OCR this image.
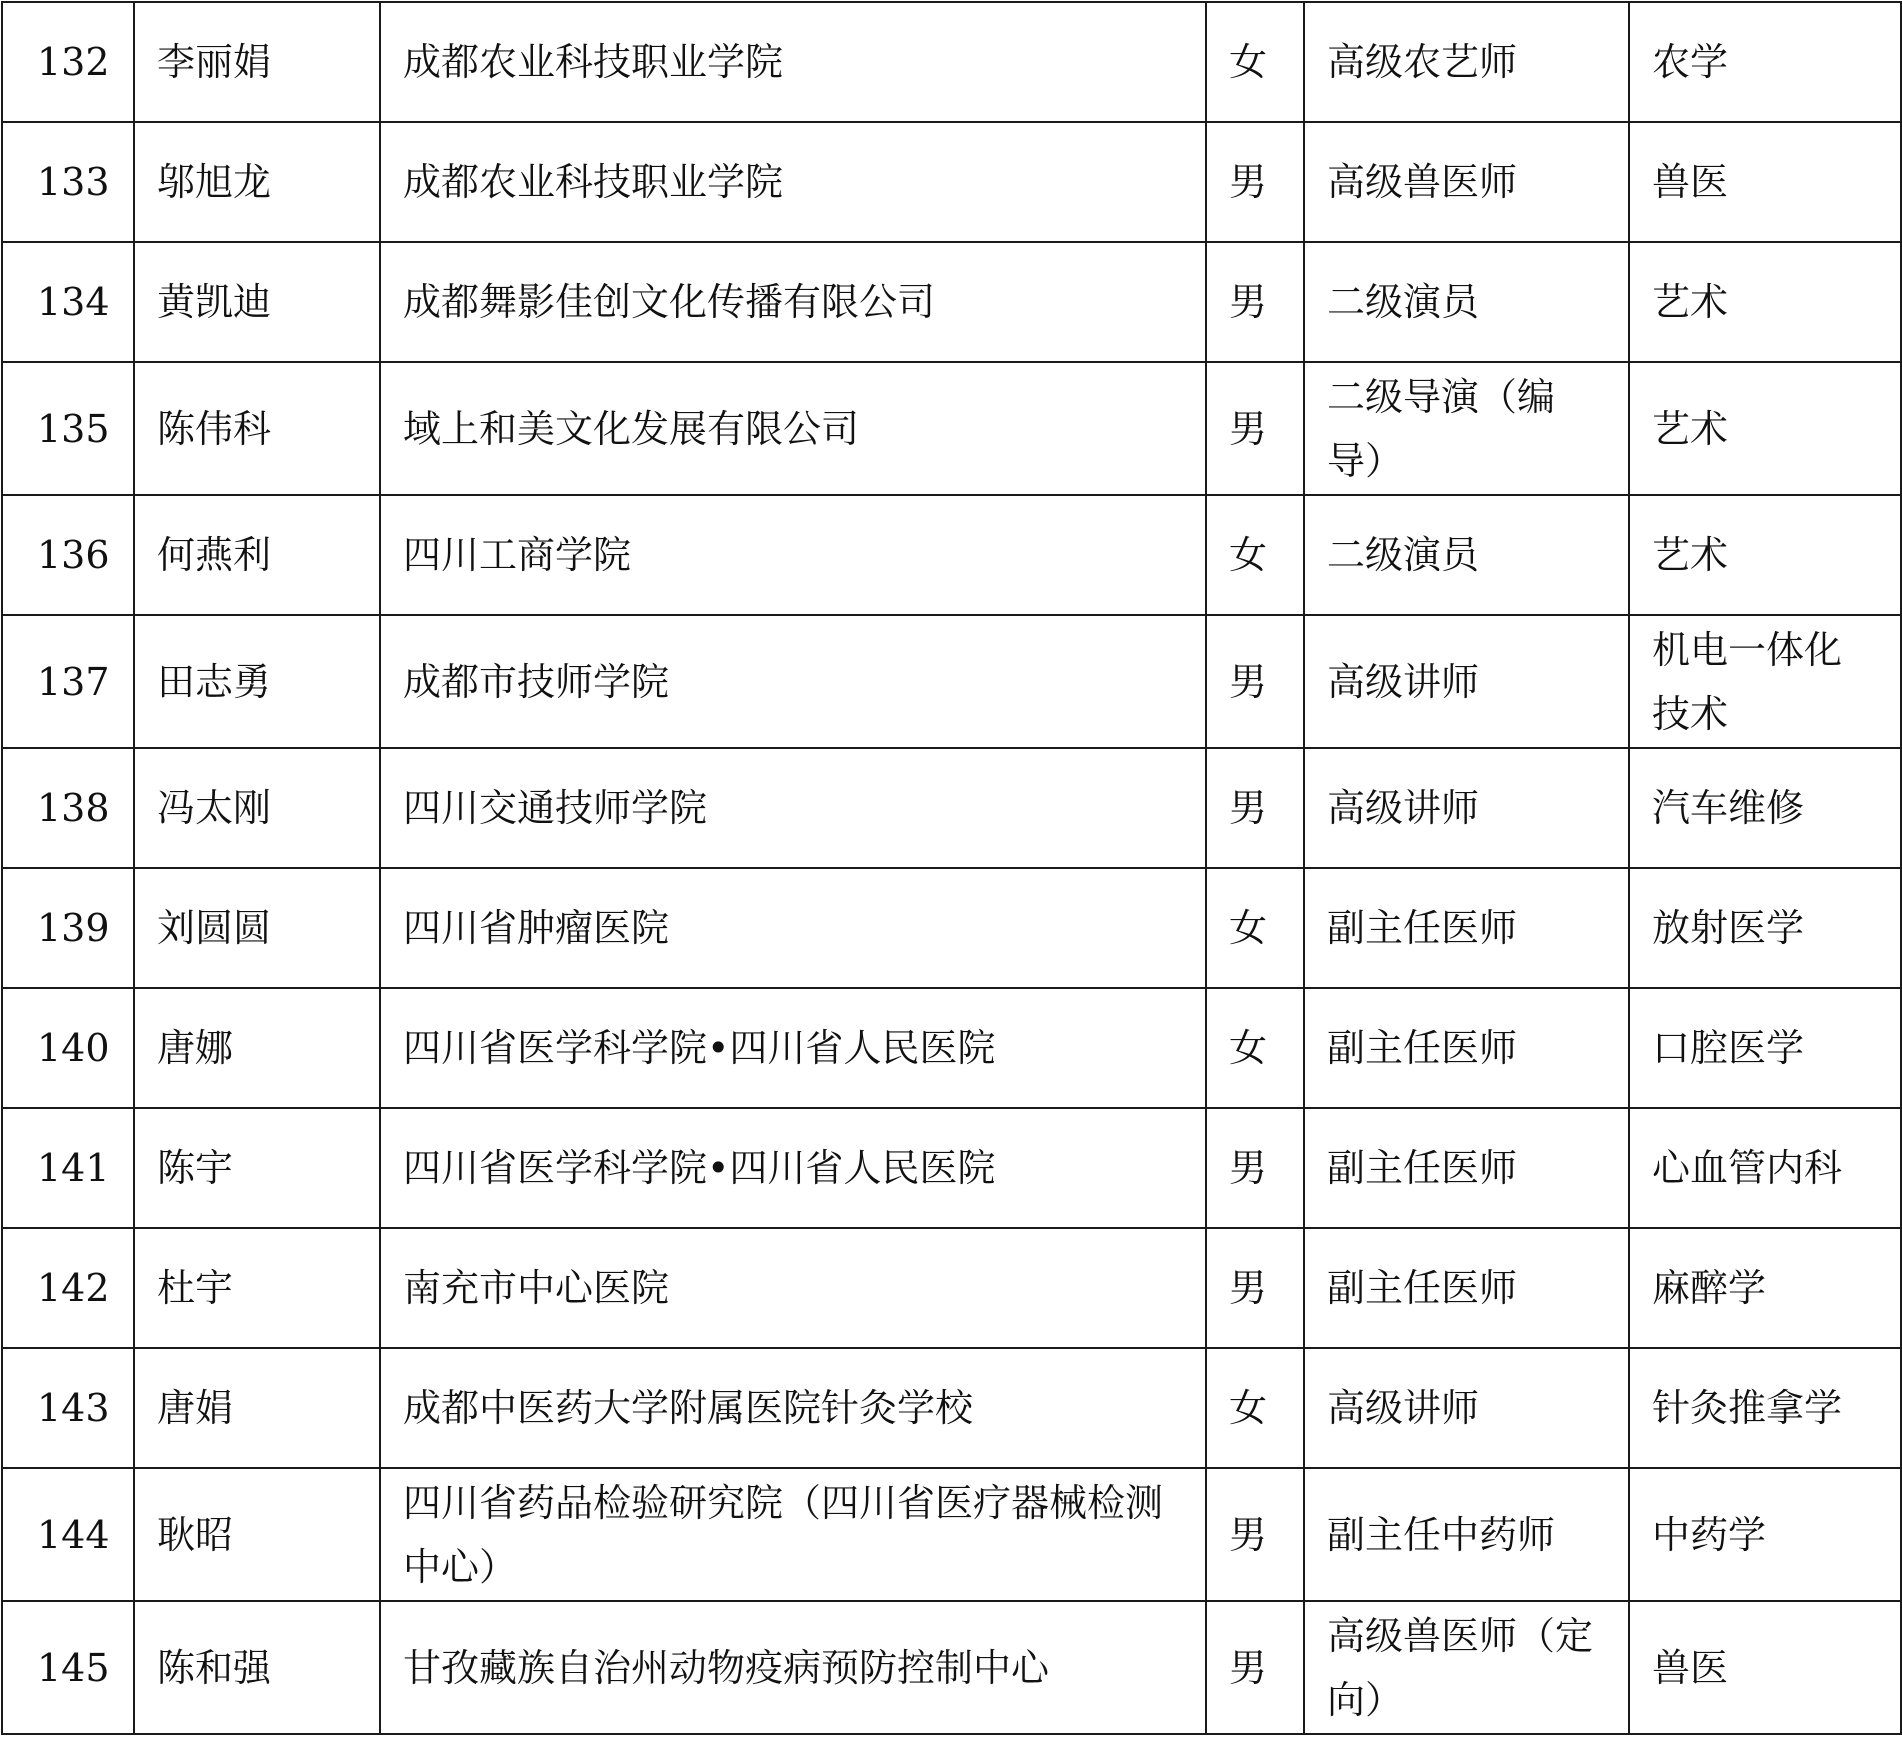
132	李丽娟	成都农业科技职业学院	女	高级农艺师	农学
133	邬旭龙	成都农业科技职业学院	男	高级兽医师	兽医
134	黄凯迪	成都舞影佳创文化传播有限公司	男	二级演员	艺术
135	陈伟科	域上和美文化发展有限公司	男	二级导演（编导）	艺术
136	何燕利	四川工商学院	女	二级演员	艺术
137	田志勇	成都市技师学院	男	高级讲师	机电一体化技术
138	冯太刚	四川交通技师学院	男	高级讲师	汽车维修
139	刘圆圆	四川省肿瘤医院	女	副主任医师	放射医学
140	唐娜	四川省医学科学院•四川省人民医院	女	副主任医师	口腔医学
141	陈宇	四川省医学科学院•四川省人民医院	男	副主任医师	心血管内科
142	杜宇	南充市中心医院	男	副主任医师	麻醉学
143	唐娟	成都中医药大学附属医院针灸学校	女	高级讲师	针灸推拿学
144	耿昭	四川省药品检验研究院（四川省医疗器械检测中心）	男	副主任中药师	中药学
145	陈和强	甘孜藏族自治州动物疫病预防控制中心	男	高级兽医师（定向）	兽医
